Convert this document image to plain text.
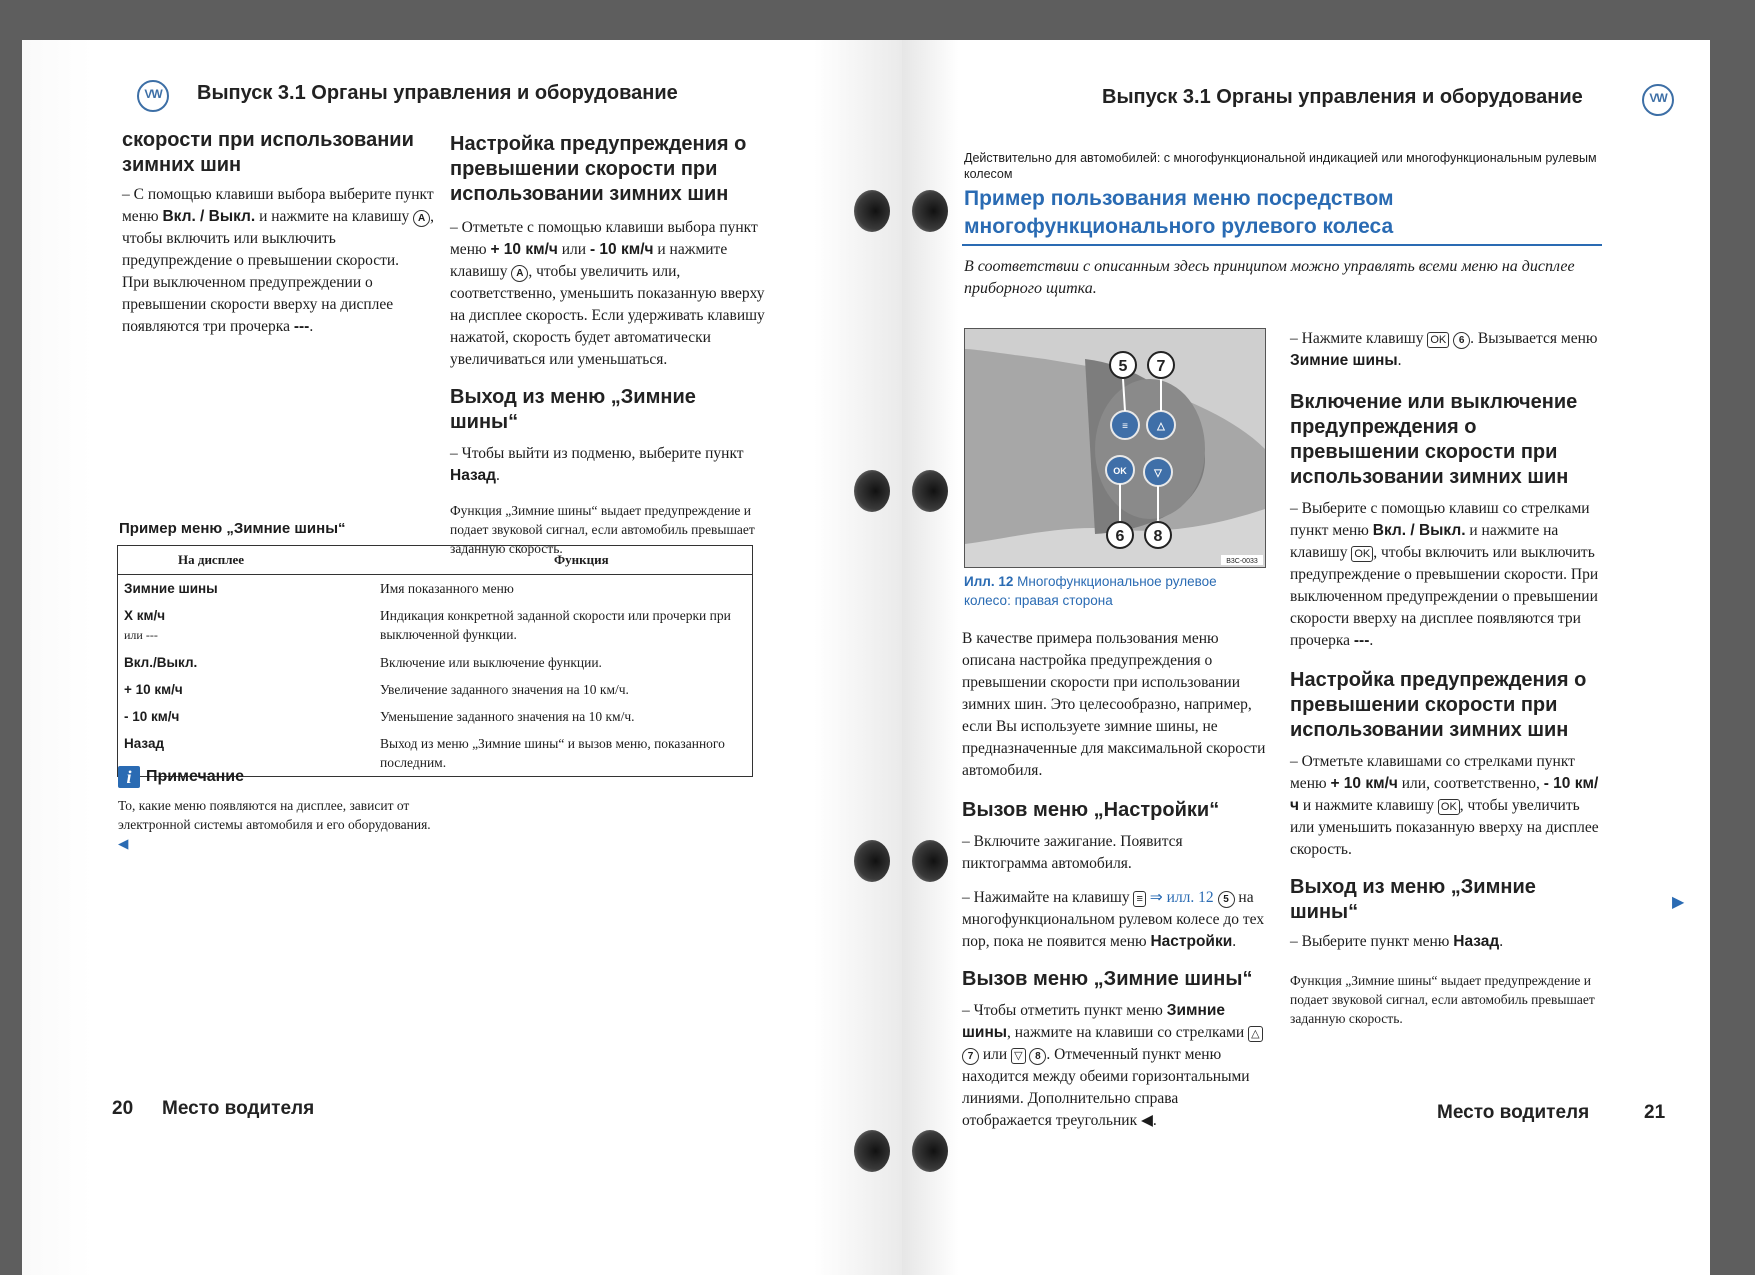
VW
Выпуск 3.1 Органы управления и оборудование
скорости при использовании зимних шин
– С помощью клавиши выбора выберите пункт меню Вкл. / Выкл. и нажмите на клавишу A , чтобы включить или выключить предупреждение о превышении скорости.
При выключенном предупреждении о превышении скорости вверху на дисплее появляются три прочерка ---.
Настройка предупреждения о превышении скорости при использовании зимних шин
– Отметьте с помощью клавиши выбора пункт меню + 10 км/ч или - 10 км/ч и нажмите клавишу A , чтобы увеличить или, соответственно, уменьшить показанную вверху на дисплее скорость. Если удерживать клавишу нажатой, скорость будет автоматически увеличиваться или уменьшаться.
Выход из меню „Зимние шины“
– Чтобы выйти из подменю, выберите пункт Назад.
Функция „Зимние шины“ выдает предупреждение и подает звуковой сигнал, если автомобиль превышает заданную скорость.
Пример меню „Зимние шины“
На дисплее	Функция
Зимние шины	Имя показанного меню
X км/ч
или ---	Индикация конкретной заданной скорости или прочерки при выключенной функции.
Вкл./Выкл.	Включение или выключение функции.
+ 10 км/ч	Увеличение заданного значения на 10 км/ч.
- 10 км/ч	Уменьшение заданного значения на 10 км/ч.
Назад	Выход из меню „Зимние шины“ и вызов меню, показанного последним.
i Примечание
То, какие меню появляются на дисплее, зависит от электронной системы автомобиля и его оборудования. ◀
20 Место водителя
Выпуск 3.1 Органы управления и оборудование
VW
Действительно для автомобилей: с многофункциональной индикацией или многофункциональным рулевым колесом
Пример пользования меню посредством многофункционального рулевого колеса
В соответствии с описанным здесь принципом можно управлять всеми меню на дисплее приборного щитка.
≡	△
OK	▽
5 7
6 8
B3C-0033
Илл. 12 Многофункциональное рулевое колесо: правая сторона
В качестве примера пользования меню описана настройка предупреждения о превышении скорости при использовании зимних шин. Это целесообразно, например, если Вы используете зимние шины, не предназначенные для максимальной скорости автомобиля.
Вызов меню „Настройки“
– Включите зажигание. Появится пиктограмма автомобиля.
– Нажимайте на клавишу ≡ ⇒ илл. 12 5 на многофункциональном рулевом колесе до тех пор, пока не появится меню Настройки.
Вызов меню „Зимние шины“
– Чтобы отметить пункт меню Зимние шины, нажмите на клавиши со стрелками △ 7 или ▽ 8 . Отмеченный пункт меню находится между обеими горизонтальными линиями. Дополнительно справа отображается треугольник ◀.
– Нажмите клавишу OK 6 . Вызывается меню Зимние шины.
Включение или выключение предупреждения о превышении скорости при использовании зимних шин
– Выберите с помощью клавиш со стрелками пункт меню Вкл. / Выкл. и нажмите на клавишу OK , чтобы включить или выключить предупреждение о превышении скорости. При выключенном предупреждении о превышении скорости вверху на дисплее появляются три прочерка ---.
Настройка предупреждения о превышении скорости при использовании зимних шин
– Отметьте клавишами со стрелками пункт меню + 10 км/ч или, соответственно, - 10 км/ч и нажмите клавишу OK , чтобы увеличить или уменьшить показанную вверху на дисплее скорость.
Выход из меню „Зимние шины“
– Выберите пункт меню Назад.
Функция „Зимние шины“ выдает предупреждение и подает звуковой сигнал, если автомобиль превышает заданную скорость.
▶
Место водителя	21
